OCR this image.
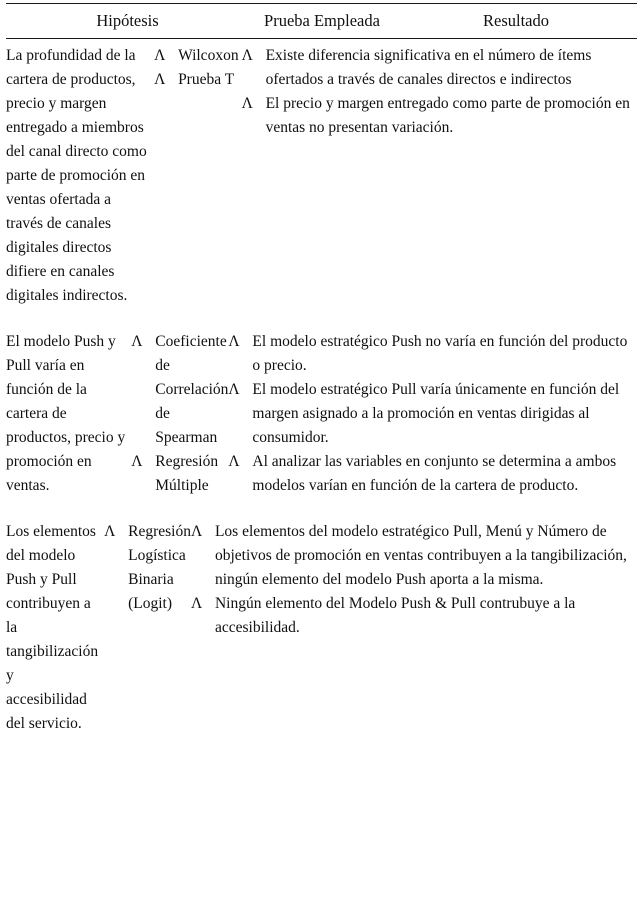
Hipótesis	Prueba Empleada	Resultado

La profundidad de la cartera de productos, precio y margen entregado a miembros del canal directo como parte de promoción en ventas ofertada a través de canales digitales directos difiere en canales digitales indirectos.

Λ Wilcoxon
Λ Prueba T
Λ Existe diferencia significativa en el número de ítems ofertados a través de canales directos e indirectos
Λ El precio y margen entregado como parte de promoción en ventas no presentan variación.

El modelo Push y Pull varía en función de la cartera de productos, precio y promoción en ventas.

Λ Coeficiente de Correlación de Spearman
Λ Regresión Múltiple
Λ El modelo estratégico Push no varía en función del producto o precio.
Λ El modelo estratégico Pull varía únicamente en función del margen asignado a la promoción en ventas dirigidas al consumidor.
Λ Al analizar las variables en conjunto se determina a ambos modelos varían en función de la cartera de producto.

Los elementos del modelo Push y Pull contribuyen a la tangibilización y accesibilidad del servicio.

Λ Regresión Logística Binaria (Logit)
Λ Los elementos del modelo estratégico Pull, Menú y Número de objetivos de promoción en ventas contribuyen a la tangibilización, ningún elemento del modelo Push aporta a la misma.
Λ Ningún elemento del Modelo Push & Pull contrubuye a la accesibilidad.
